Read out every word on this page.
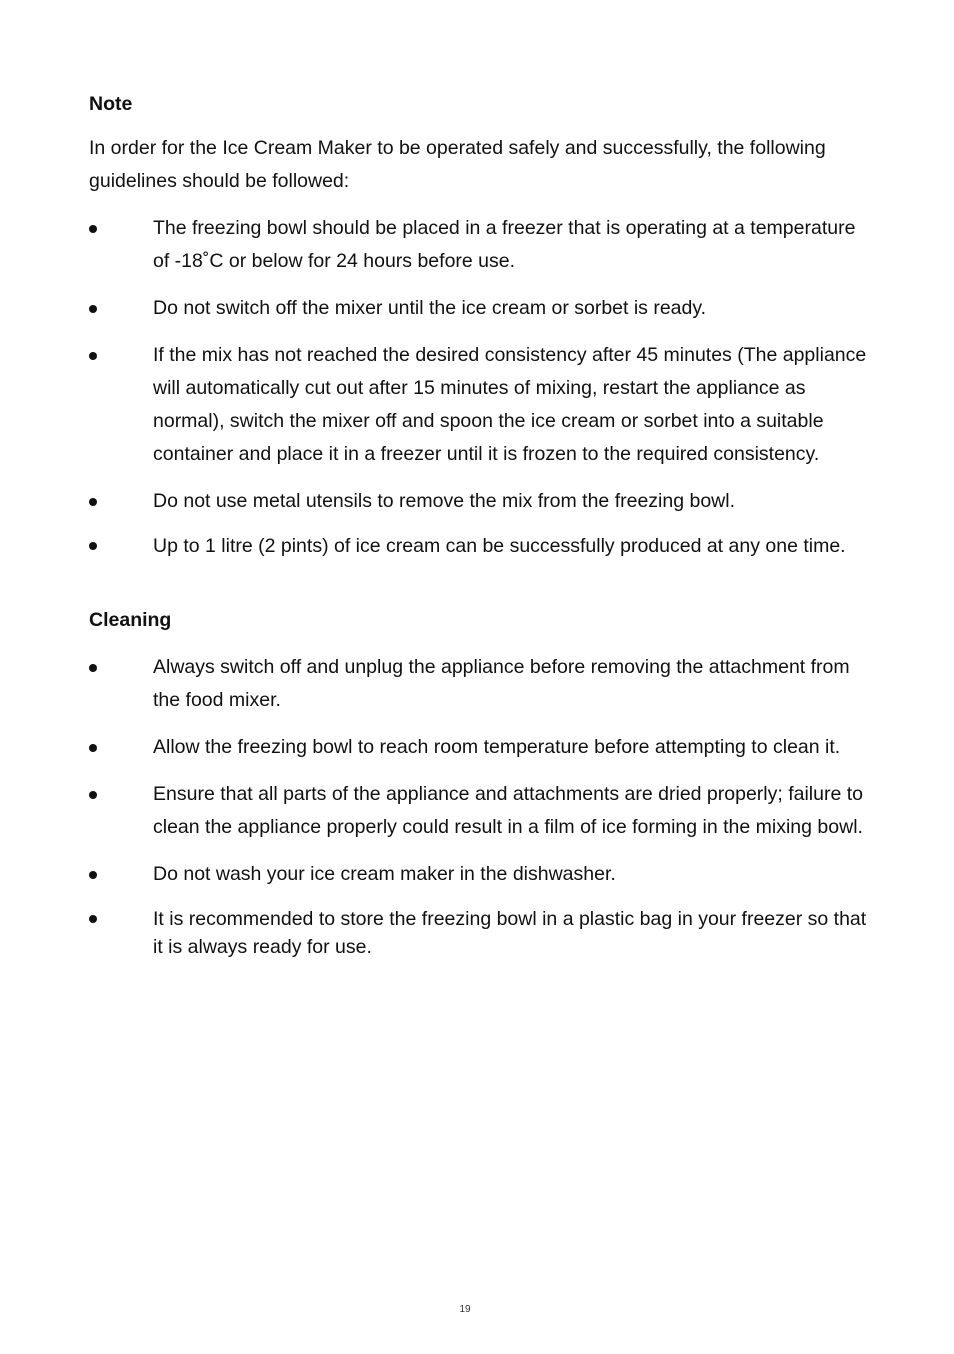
Note

In order for the Ice Cream Maker to be operated safely and successfully, the following guidelines should be followed:

The freezing bowl should be placed in a freezer that is operating at a temperature of -18˚C or below for 24 hours before use.
Do not switch off the mixer until the ice cream or sorbet is ready.
If the mix has not reached the desired consistency after 45 minutes (The appliance will automatically cut out after 15 minutes of mixing, restart the appliance as normal), switch the mixer off and spoon the ice cream or sorbet into a suitable container and place it in a freezer until it is frozen to the required consistency.
Do not use metal utensils to remove the mix from the freezing bowl.
Up to 1 litre (2 pints) of ice cream can be successfully produced at any one time.
Cleaning
Always switch off and unplug the appliance before removing the attachment from the food mixer.
Allow the freezing bowl to reach room temperature before attempting to clean it.
Ensure that all parts of the appliance and attachments are dried properly; failure to clean the appliance properly could result in a film of ice forming in the mixing bowl.
Do not wash your ice cream maker in the dishwasher.
It is recommended to store the freezing bowl in a plastic bag in your freezer so that it is always ready for use.
19
